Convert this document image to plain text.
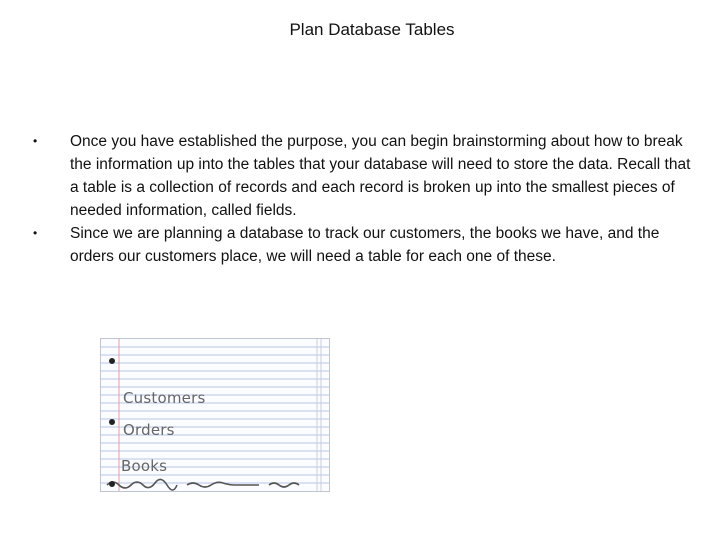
Plan Database Tables
• Once you have established the purpose, you can begin brainstorming about how to break the information up into the tables that your database will need to store the data. Recall that a table is a collection of records and each record is broken up into the smallest pieces of needed information, called fields.
• Since we are planning a database to track our customers, the books we have, and the orders our customers place, we will need a table for each one of these.
Customers
Orders
Books
